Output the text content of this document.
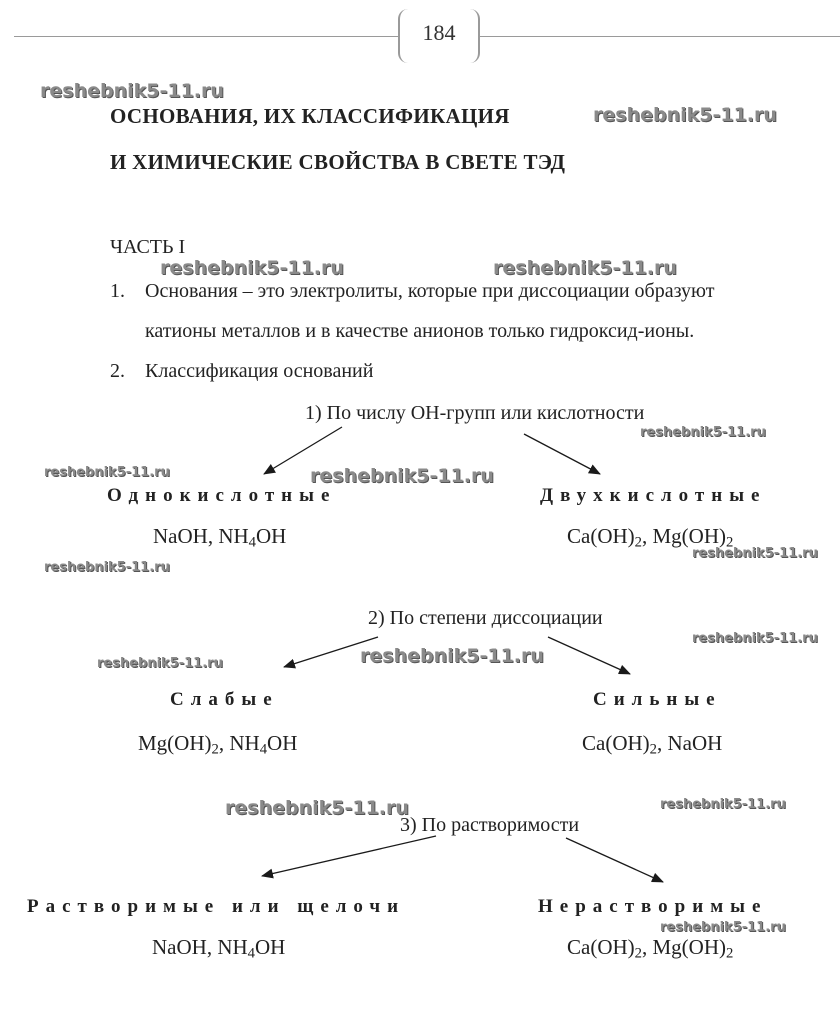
184
ОСНОВАНИЯ, ИХ КЛАССИФИКАЦИЯ
И ХИМИЧЕСКИЕ СВОЙСТВА В СВЕТЕ ТЭД
ЧАСТЬ I
1. Основания – это электролиты, которые при диссоциации образуют
катионы металлов и в качестве анионов только гидроксид-ионы.
2. Классификация оснований
1) По числу ОН-групп или кислотности
Однокислотные
NaOH, $NH_4OH$
Двухкислотные
$Ca(OH)_2$, $Mg(OH)_2$
2) По степени диссоциации
Слабые
$Mg(OH)_2$, $NH_4OH$
Сильные
$Ca(OH)_2$, NaOH
3) По растворимости
Растворимые или щелочи
NaOH, $NH_4OH$
Нерастворимые
$Ca(OH)_2$, $Mg(OH)_2$
reshebnik5-11.ru
reshebnik5-11.ru
reshebnik5-11.ru	reshebnik5-11.ru
reshebnik5-11.ru
reshebnik5-11.ru	reshebnik5-11.ru
reshebnik5-11.ru
reshebnik5-11.ru
reshebnik5-11.ru
reshebnik5-11.ru	reshebnik5-11.ru
reshebnik5-11.ru	reshebnik5-11.ru
reshebnik5-11.ru
